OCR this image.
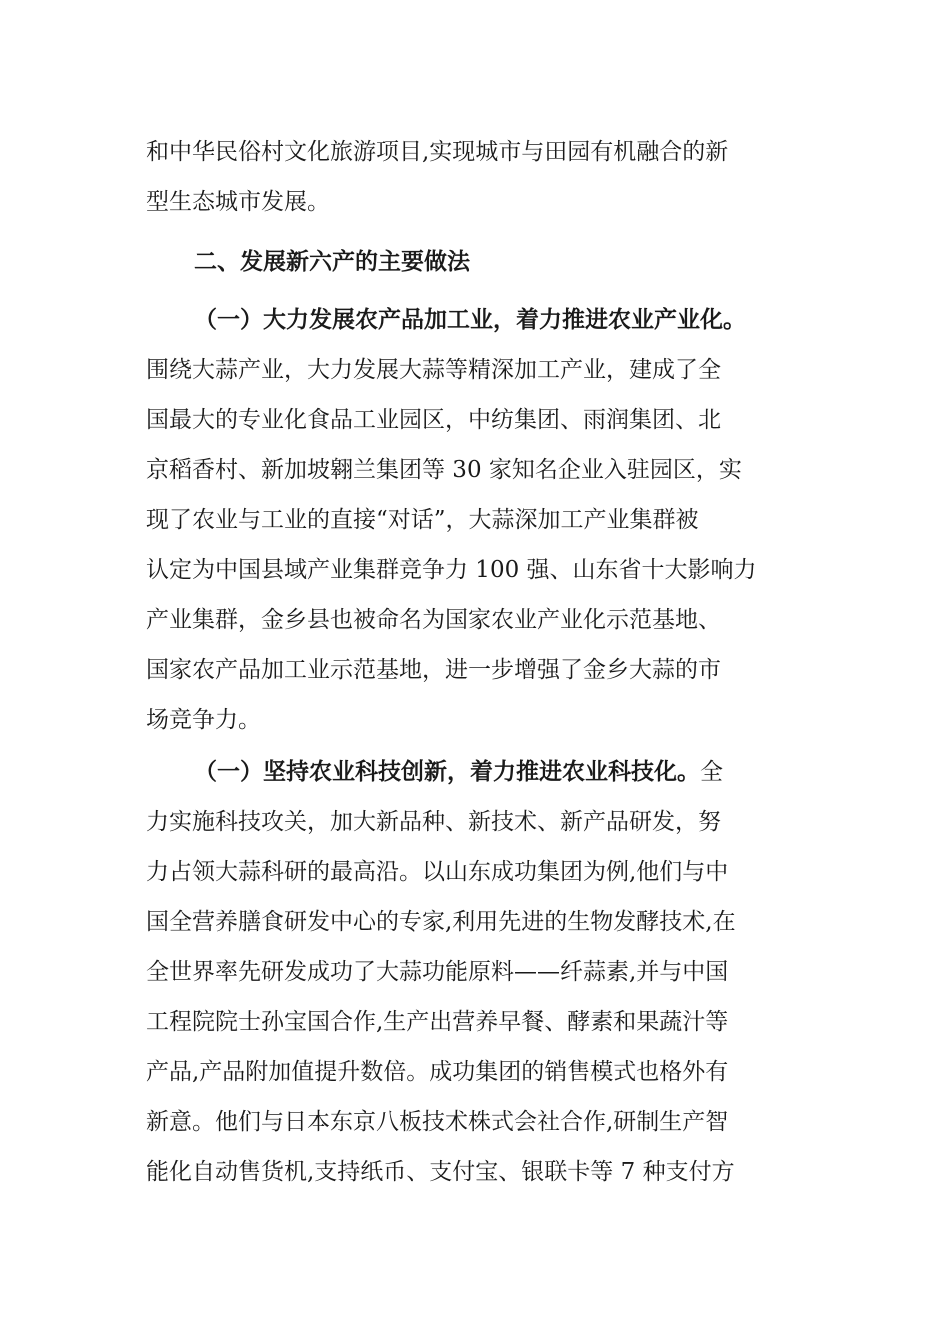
和中华民俗村文化旅游项目,实现城市与田园有机融合的新
型生态城市发展。
二、发展新六产的主要做法
（一）大力发展农产品加工业，着力推进农业产业化。
围绕大蒜产业，大力发展大蒜等精深加工产业，建成了全
国最大的专业化食品工业园区，中纺集团、雨润集团、北
京稻香村、新加坡翱兰集团等 30 家知名企业入驻园区，实
现了农业与工业的直接“对话”，大蒜深加工产业集群被
认定为中国县域产业集群竞争力 100 强、山东省十大影响力
产业集群，金乡县也被命名为国家农业产业化示范基地、
国家农产品加工业示范基地，进一步增强了金乡大蒜的市
场竞争力。
（一）坚持农业科技创新，着力推进农业科技化。全
力实施科技攻关，加大新品种、新技术、新产品研发，努
力占领大蒜科研的最高沿。以山东成功集团为例,他们与中
国全营养膳食研发中心的专家,利用先进的生物发酵技术,在
全世界率先研发成功了大蒜功能原料——纤蒜素,并与中国
工程院院士孙宝国合作,生产出营养早餐、酵素和果蔬汁等
产品,产品附加值提升数倍。成功集团的销售模式也格外有
新意。他们与日本东京八板技术株式会社合作,研制生产智
能化自动售货机,支持纸币、支付宝、银联卡等 7 种支付方
